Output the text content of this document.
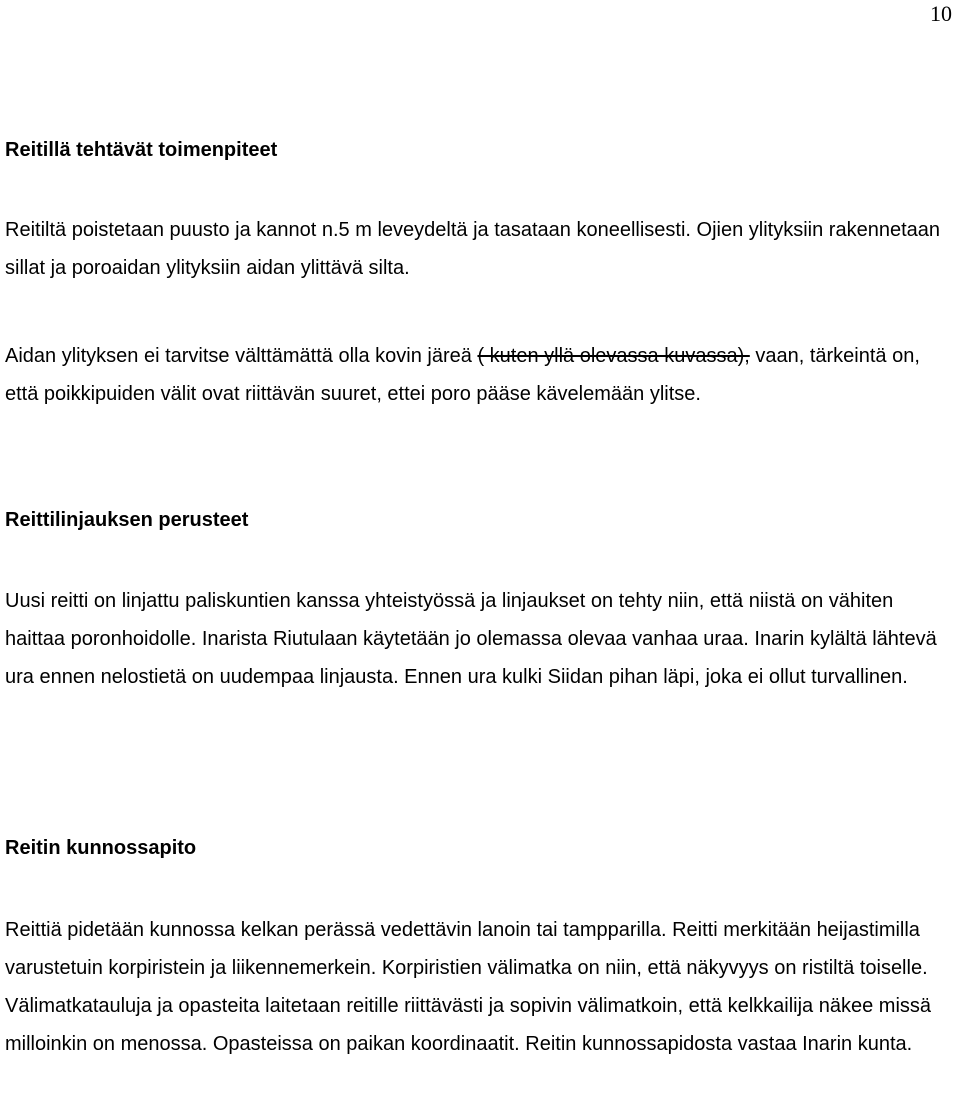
10
Reitillä tehtävät toimenpiteet

Reitiltä poistetaan puusto ja kannot n.5 m leveydeltä ja tasataan koneellisesti. Ojien ylityksiin rakennetaan sillat ja poroaidan ylityksiin aidan ylittävä silta.

Aidan ylityksen ei tarvitse välttämättä olla kovin järeä ( kuten yllä olevassa kuvassa), vaan, tärkeintä on, että poikkipuiden välit ovat riittävän suuret, ettei poro pääse kävelemään ylitse.

Reittilinjauksen perusteet

Uusi reitti on linjattu paliskuntien kanssa yhteistyössä ja linjaukset on tehty niin, että niistä on vähiten haittaa poronhoidolle. Inarista Riutulaan käytetään jo olemassa olevaa vanhaa uraa. Inarin kylältä lähtevä ura ennen nelostietä on uudempaa linjausta. Ennen ura kulki Siidan pihan läpi, joka ei ollut turvallinen.

Reitin kunnossapito

Reittiä pidetään kunnossa kelkan perässä vedettävin lanoin tai tampparilla. Reitti merkitään heijastimilla varustetuin korpiristein ja liikennemerkein. Korpiristien välimatka on niin, että näkyvyys on ristiltä toiselle. Välimatkatauluja ja opasteita laitetaan reitille riittävästi ja sopivin välimatkoin, että kelkkailija näkee missä milloinkin on menossa. Opasteissa on paikan koordinaatit. Reitin kunnossapidosta vastaa Inarin kunta.
